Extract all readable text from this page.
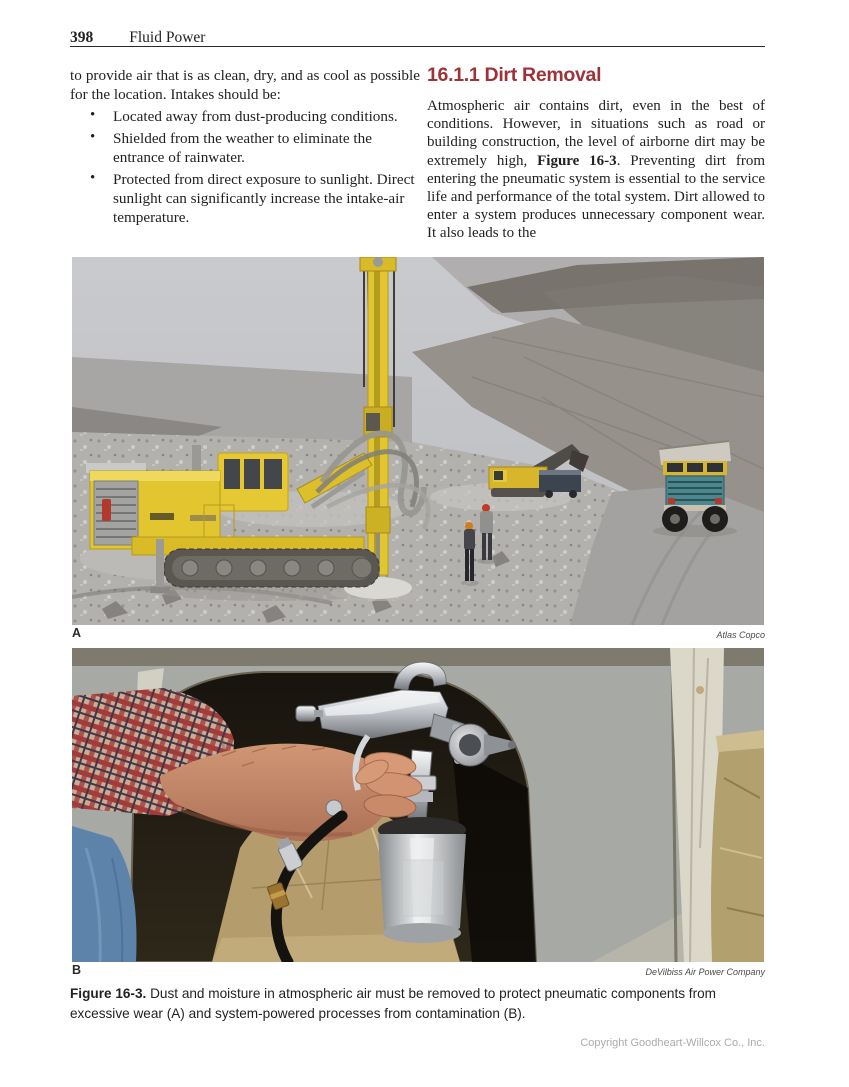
398 Fluid Power

to provide air that is as clean, dry, and as cool as possible for the location. Intakes should be:

• Located away from dust-producing conditions.
• Shielded from the weather to eliminate the entrance of rainwater.
• Protected from direct exposure to sunlight. Direct sunlight can significantly increase the intake-air temperature.
16.1.1 Dirt Removal

Atmospheric air contains dirt, even in the best of conditions. However, in situations such as road or building construction, the level of airborne dirt may be extremely high, Figure 16-3. Preventing dirt from entering the pneumatic system is essential to the service life and performance of the total system. Dirt allowed to enter a system produces unnecessary component wear. It also leads to the

A	Atlas Copco
B	DeVilbiss Air Power Company

Figure 16-3. Dust and moisture in atmospheric air must be removed to protect pneumatic components from excessive wear (A) and system-powered processes from contamination (B).

Copyright Goodheart-Willcox Co., Inc.
